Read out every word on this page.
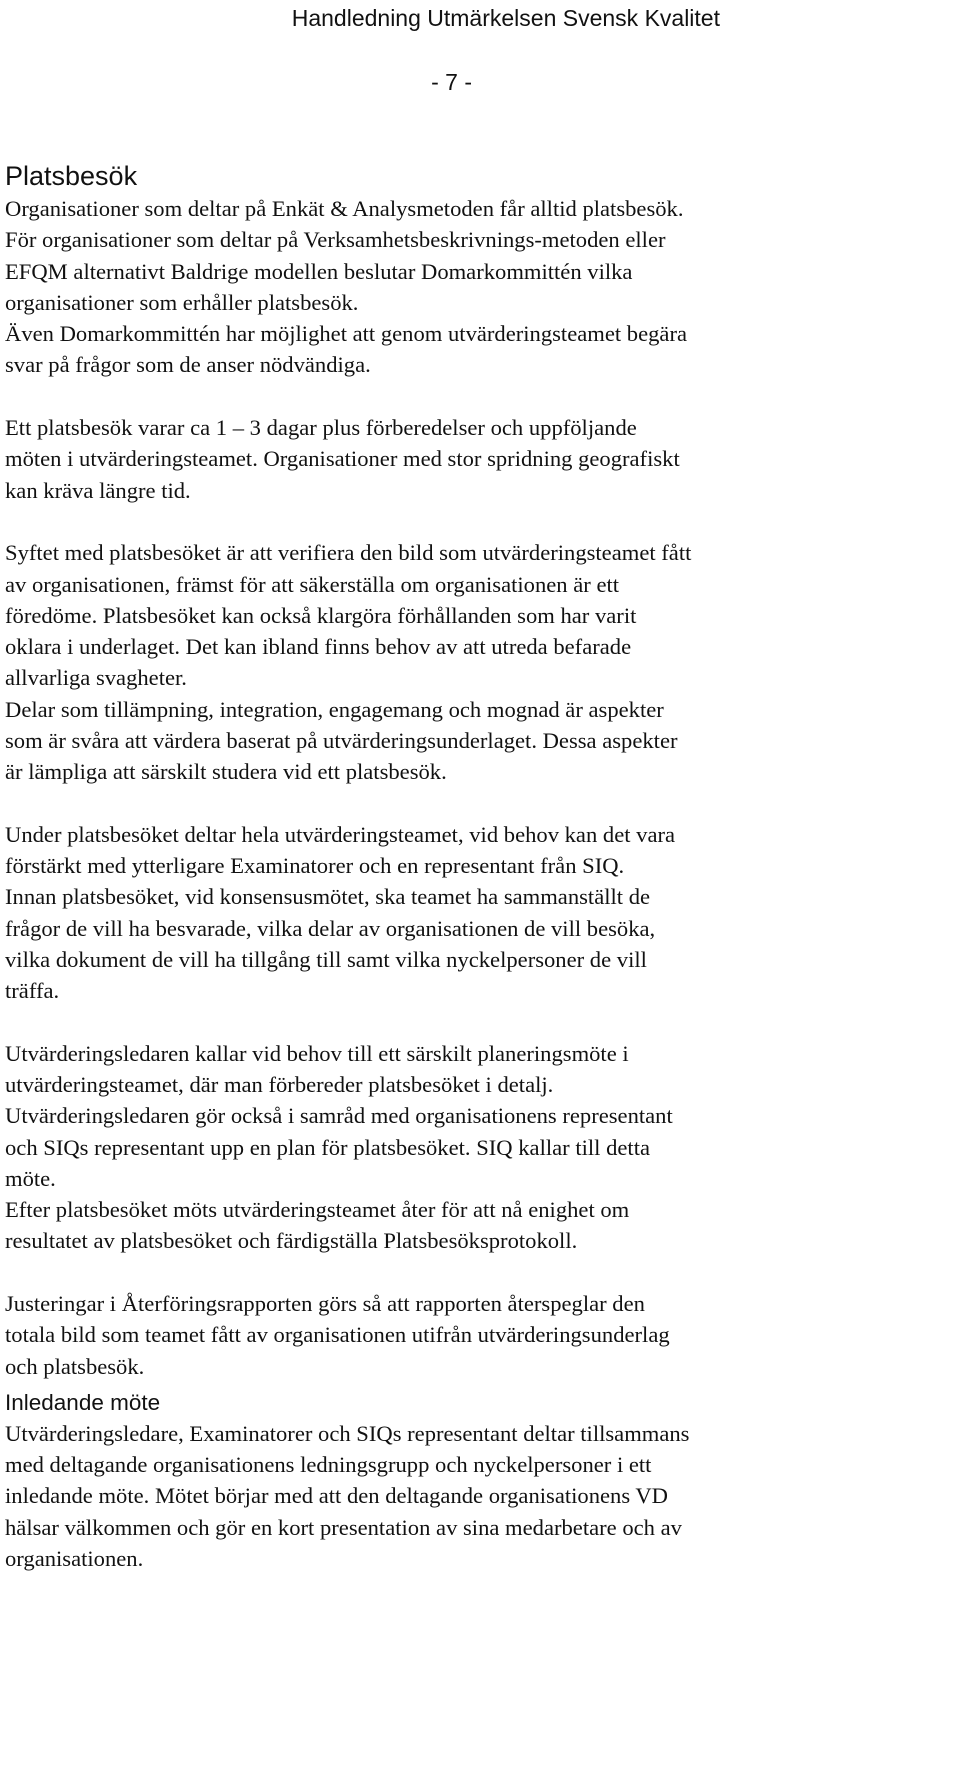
Handledning Utmärkelsen Svensk Kvalitet
- 7 -
Platsbesök
Organisationer som deltar på Enkät & Analysmetoden får alltid platsbesök.
För organisationer som deltar på Verksamhetsbeskrivnings-metoden eller
EFQM alternativt Baldrige modellen beslutar Domarkommittén vilka
organisationer som erhåller platsbesök.
Även Domarkommittén har möjlighet att genom utvärderingsteamet begära
svar på frågor som de anser nödvändiga.
Ett platsbesök varar ca 1 – 3 dagar plus förberedelser och uppföljande
möten i utvärderingsteamet. Organisationer med stor spridning geografiskt
kan kräva längre tid.
Syftet med platsbesöket är att verifiera den bild som utvärderingsteamet fått
av organisationen, främst för att säkerställa om organisationen är ett
föredöme. Platsbesöket kan också klargöra förhållanden som har varit
oklara i underlaget. Det kan ibland finns behov av att utreda befarade
allvarliga svagheter.
Delar som tillämpning, integration, engagemang och mognad är aspekter
som är svåra att värdera baserat på utvärderingsunderlaget. Dessa aspekter
är lämpliga att särskilt studera vid ett platsbesök.
Under platsbesöket deltar hela utvärderingsteamet, vid behov kan det vara
förstärkt med ytterligare Examinatorer och en representant från SIQ.
Innan platsbesöket, vid konsensusmötet, ska teamet ha sammanställt de
frågor de vill ha besvarade, vilka delar av organisationen de vill besöka,
vilka dokument de vill ha tillgång till samt vilka nyckelpersoner de vill
träffa.
Utvärderingsledaren kallar vid behov till ett särskilt planeringsmöte i
utvärderingsteamet, där man förbereder platsbesöket i detalj.
Utvärderingsledaren gör också i samråd med organisationens representant
och SIQs representant upp en plan för platsbesöket. SIQ kallar till detta
möte.
Efter platsbesöket möts utvärderingsteamet åter för att nå enighet om
resultatet av platsbesöket och färdigställa Platsbesöksprotokoll.
Justeringar i Återföringsrapporten görs så att rapporten återspeglar den
totala bild som teamet fått av organisationen utifrån utvärderingsunderlag
och platsbesök.
Inledande möte
Utvärderingsledare, Examinatorer och SIQs representant deltar tillsammans
med deltagande organisationens ledningsgrupp och nyckelpersoner i ett
inledande möte. Mötet börjar med att den deltagande organisationens VD
hälsar välkommen och gör en kort presentation av sina medarbetare och av
organisationen.
